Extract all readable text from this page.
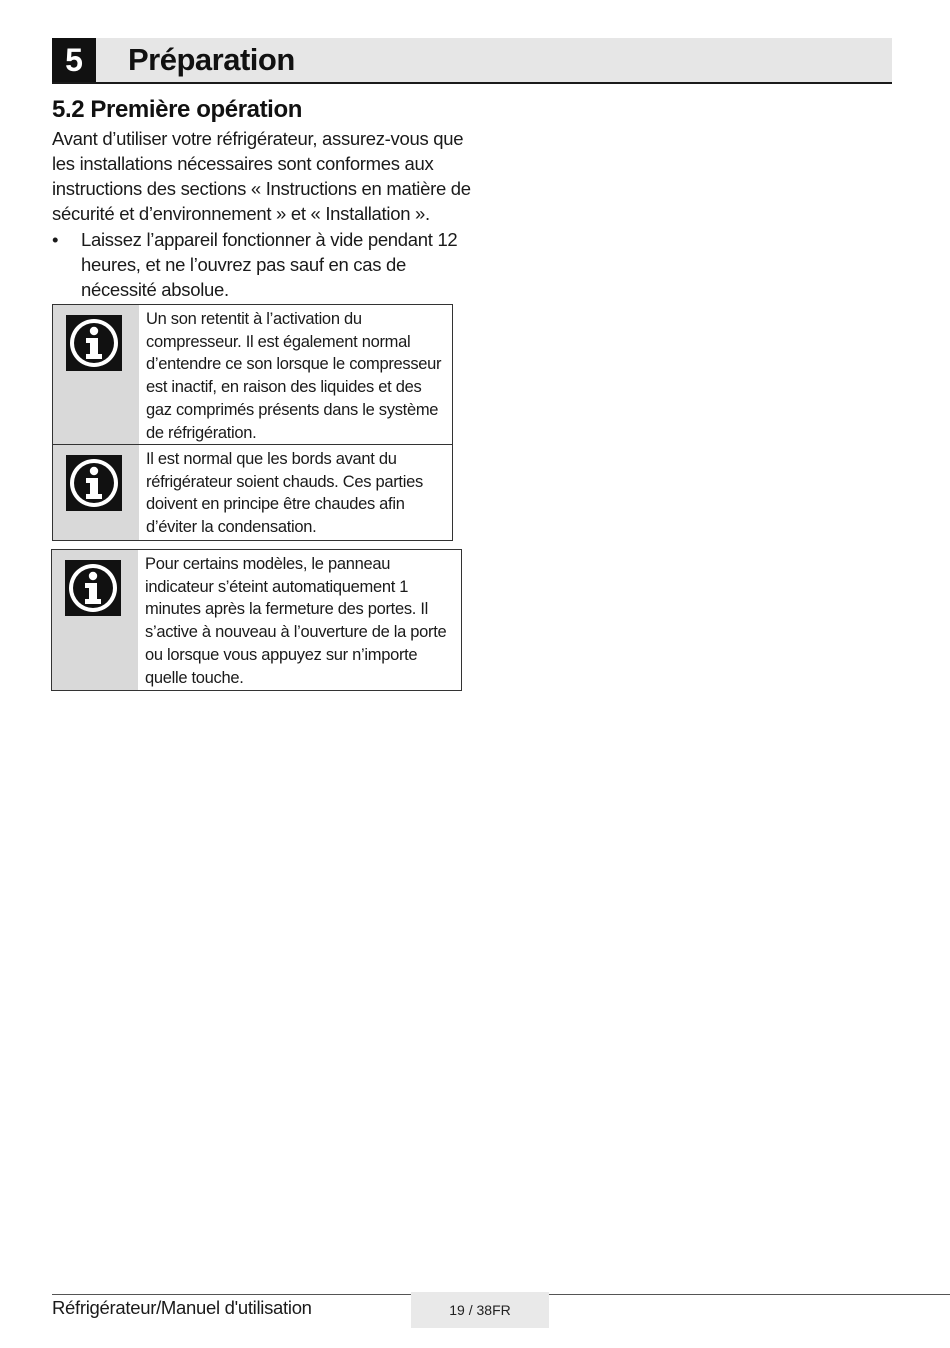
5	Préparation
5.2 Première opération

Avant d’utiliser votre réfrigérateur, assurez-vous que les installations nécessaires sont conformes aux instructions des sections « Instructions en matière de sécurité et d’environnement » et « Installation ».

•	Laissez l’appareil fonctionner à vide pendant 12 heures, et ne l’ouvrez pas sauf en cas de nécessité absolue.
Un son retentit à l’activation du compresseur. Il est également normal d’entendre ce son lorsque le compresseur est inactif, en raison des liquides et des gaz comprimés présents dans le système de réfrigération.
Il est normal que les bords avant du réfrigérateur soient chauds. Ces parties doivent en principe être chaudes afin d’éviter la condensation.
Pour certains modèles, le panneau indicateur s’éteint automatiquement 1 minutes après la fermeture des portes. Il s’active à nouveau à l’ouverture de la porte ou lorsque vous appuyez sur n’importe quelle touche.
Réfrigérateur/Manuel d'utilisation	19 / 38FR
